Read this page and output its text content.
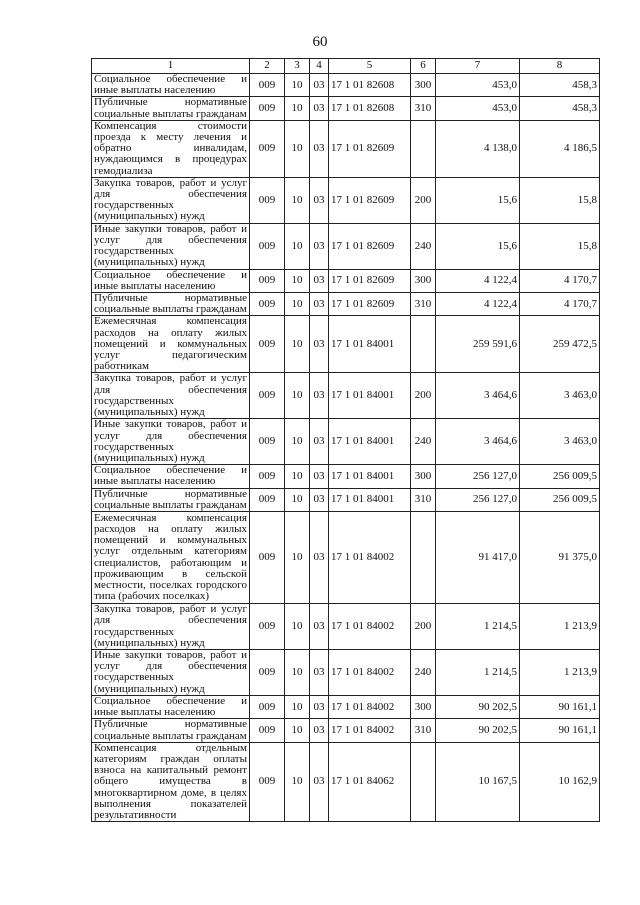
60
1	2	3	4	5	6	7	8
Социальное обеспечение и иные выплаты населению	009	10	03	17 1 01 82608	300	453,0	458,3
Публичные нормативные социальные выплаты гражданам	009	10	03	17 1 01 82608	310	453,0	458,3
Компенсация стоимости проезда к месту лечения и обратно инвалидам, нуждающимся в процедурах гемодиализа	009	10	03	17 1 01 82609		4 138,0	4 186,5
Закупка товаров, работ и услуг для обеспечения государственных (муниципальных) нужд	009	10	03	17 1 01 82609	200	15,6	15,8
Иные закупки товаров, работ и услуг для обеспечения государственных (муниципальных) нужд	009	10	03	17 1 01 82609	240	15,6	15,8
Социальное обеспечение и иные выплаты населению	009	10	03	17 1 01 82609	300	4 122,4	4 170,7
Публичные нормативные социальные выплаты гражданам	009	10	03	17 1 01 82609	310	4 122,4	4 170,7
Ежемесячная компенсация расходов на оплату жилых помещений и коммунальных услуг педагогическим работникам	009	10	03	17 1 01 84001		259 591,6	259 472,5
Закупка товаров, работ и услуг для обеспечения государственных (муниципальных) нужд	009	10	03	17 1 01 84001	200	3 464,6	3 463,0
Иные закупки товаров, работ и услуг для обеспечения государственных (муниципальных) нужд	009	10	03	17 1 01 84001	240	3 464,6	3 463,0
Социальное обеспечение и иные выплаты населению	009	10	03	17 1 01 84001	300	256 127,0	256 009,5
Публичные нормативные социальные выплаты гражданам	009	10	03	17 1 01 84001	310	256 127,0	256 009,5
Ежемесячная компенсация расходов на оплату жилых помещений и коммунальных услуг отдельным категориям специалистов, работающим и проживающим в сельской местности, поселках городского типа (рабочих поселках)	009	10	03	17 1 01 84002		91 417,0	91 375,0
Закупка товаров, работ и услуг для обеспечения государственных (муниципальных) нужд	009	10	03	17 1 01 84002	200	1 214,5	1 213,9
Иные закупки товаров, работ и услуг для обеспечения государственных (муниципальных) нужд	009	10	03	17 1 01 84002	240	1 214,5	1 213,9
Социальное обеспечение и иные выплаты населению	009	10	03	17 1 01 84002	300	90 202,5	90 161,1
Публичные нормативные социальные выплаты гражданам	009	10	03	17 1 01 84002	310	90 202,5	90 161,1
Компенсация отдельным категориям граждан оплаты взноса на капитальный ремонт общего имущества в многоквартирном доме, в целях выполнения показателей результативности	009	10	03	17 1 01 84062		10 167,5	10 162,9
